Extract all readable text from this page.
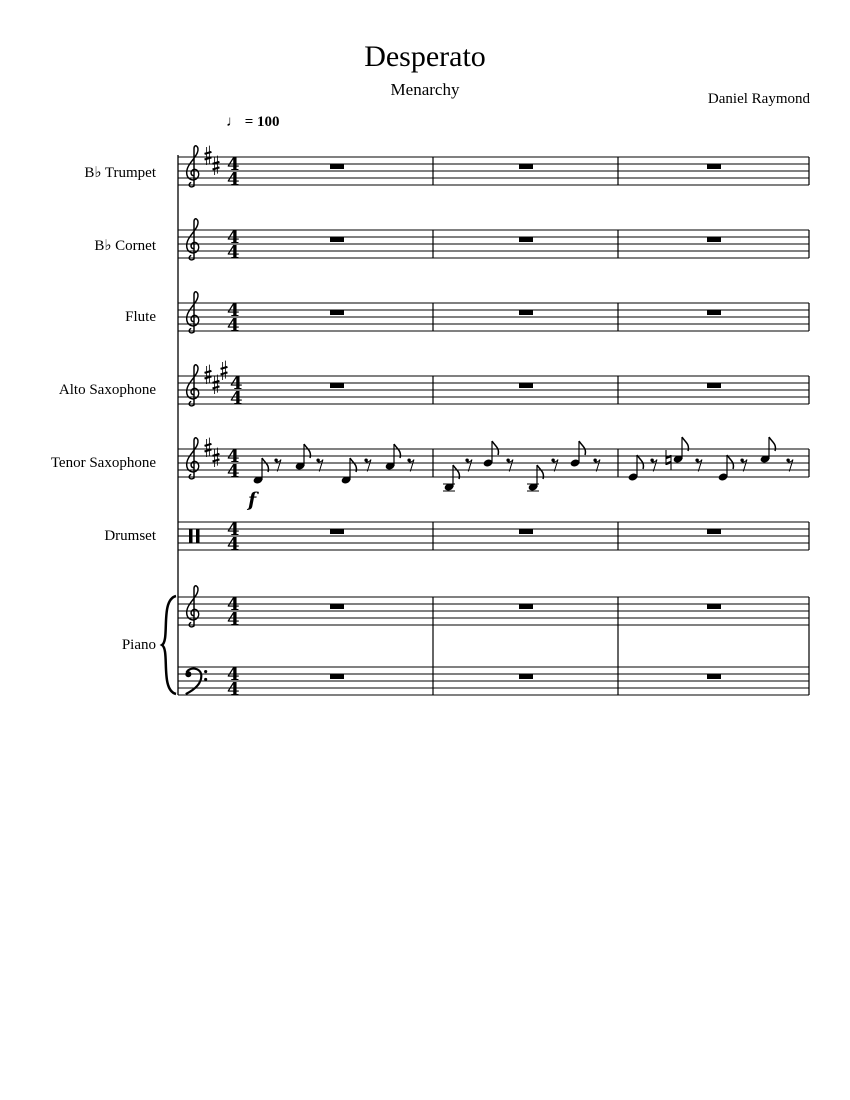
Desperato
Menarchy	Daniel Raymond
♩ = 100
B♭ Trumpet
B♭ Cornet
Flute
Alto Saxophone
Tenor Saxophone
Drumset
Piano
4
4
4
4
4
4
4
4
4
4
f
4
4
4
4
4
4
